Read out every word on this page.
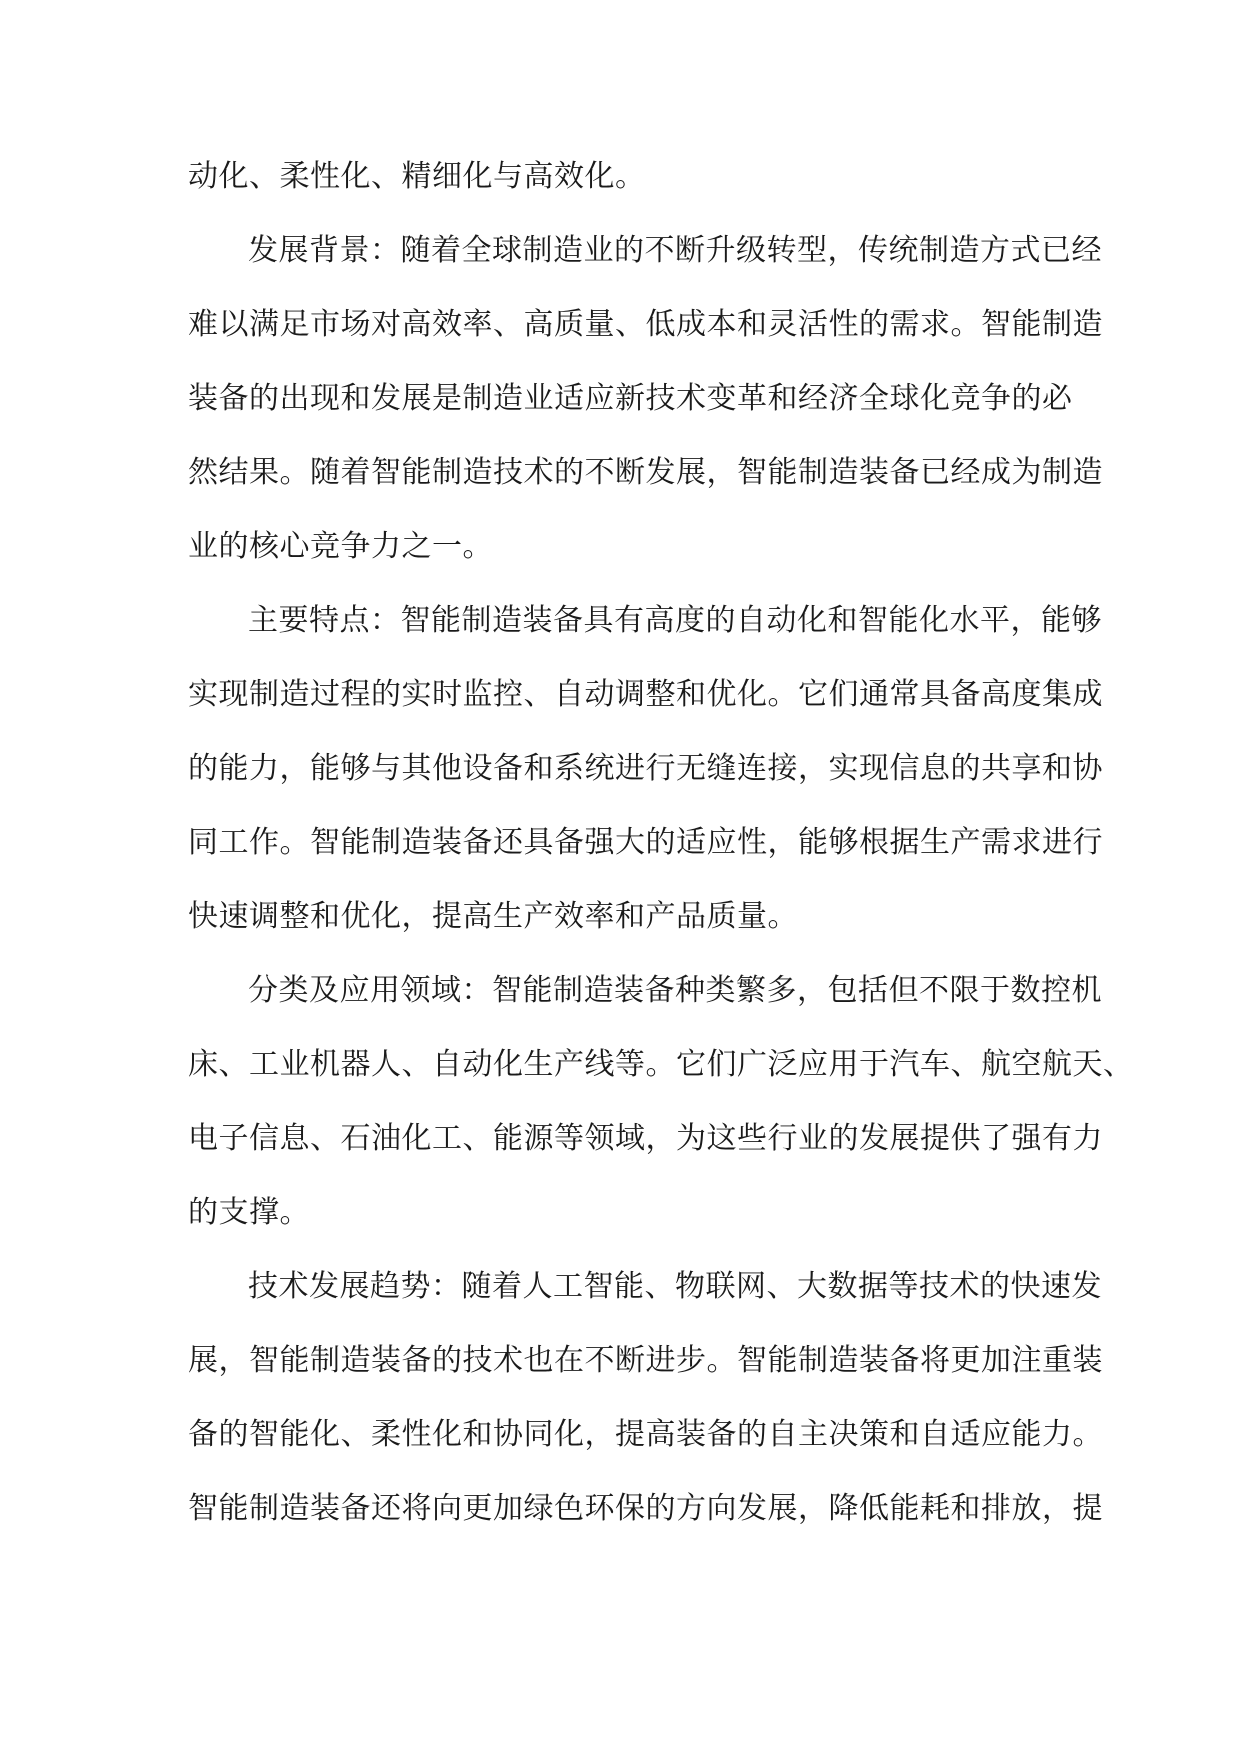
动化、柔性化、精细化与高效化。
发展背景：随着全球制造业的不断升级转型，传统制造方式已经
难以满足市场对高效率、高质量、低成本和灵活性的需求。智能制造
装备的出现和发展是制造业适应新技术变革和经济全球化竞争的必
然结果。随着智能制造技术的不断发展，智能制造装备已经成为制造
业的核心竞争力之一。
主要特点：智能制造装备具有高度的自动化和智能化水平，能够
实现制造过程的实时监控、自动调整和优化。它们通常具备高度集成
的能力，能够与其他设备和系统进行无缝连接，实现信息的共享和协
同工作。智能制造装备还具备强大的适应性，能够根据生产需求进行
快速调整和优化，提高生产效率和产品质量。
分类及应用领域：智能制造装备种类繁多，包括但不限于数控机
床、工业机器人、自动化生产线等。它们广泛应用于汽车、航空航天、
电子信息、石油化工、能源等领域，为这些行业的发展提供了强有力
的支撑。
技术发展趋势：随着人工智能、物联网、大数据等技术的快速发
展，智能制造装备的技术也在不断进步。智能制造装备将更加注重装
备的智能化、柔性化和协同化，提高装备的自主决策和自适应能力。
智能制造装备还将向更加绿色环保的方向发展，降低能耗和排放，提
